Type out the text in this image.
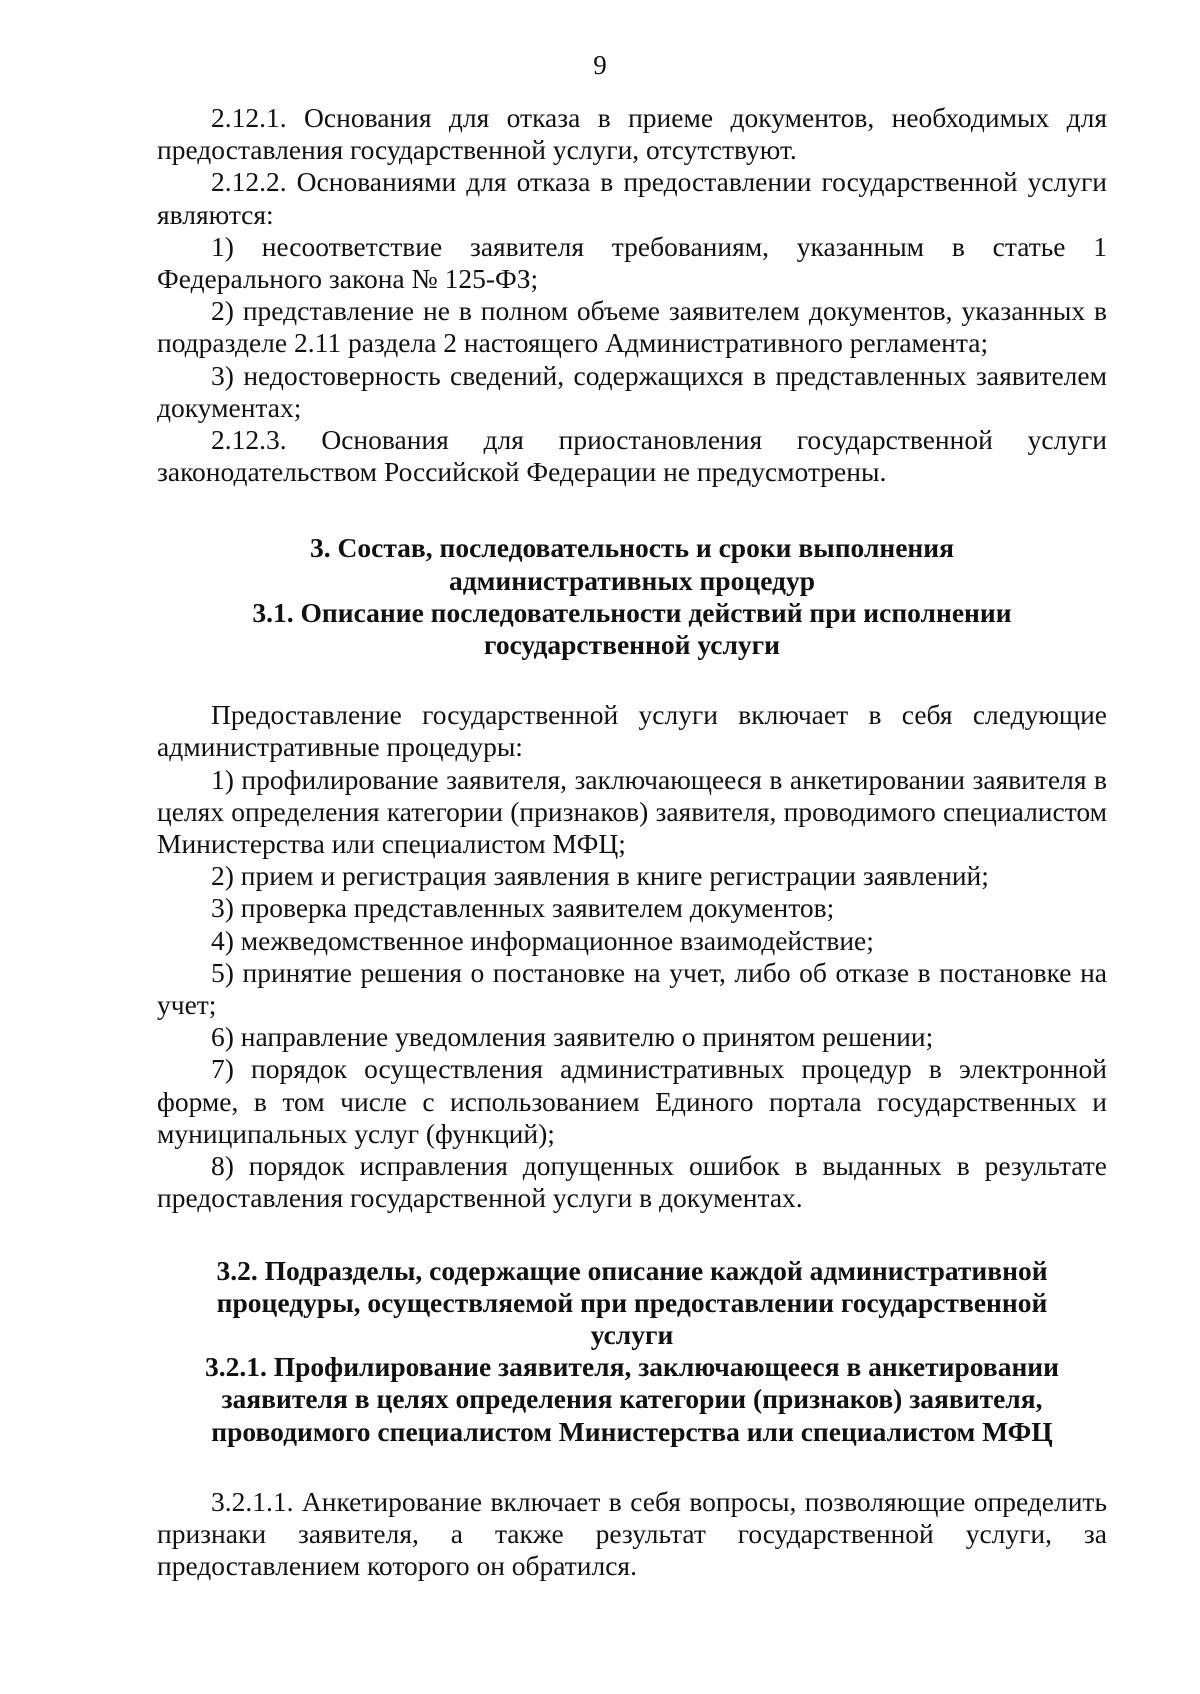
9

2.12.1. Основания для отказа в приеме документов, необходимых для предоставления государственной услуги, отсутствуют.

2.12.2. Основаниями для отказа в предоставлении государственной услуги являются:

1) несоответствие заявителя требованиям, указанным в статье 1 Федерального закона № 125-ФЗ;

2) представление не в полном объеме заявителем документов, указанных в подразделе 2.11 раздела 2 настоящего Административного регламента;

3) недостоверность сведений, содержащихся в представленных заявителем документах;

2.12.3. Основания для приостановления государственной услуги законодательством Российской Федерации не предусмотрены.

3. Состав, последовательность и сроки выполнения

административных процедур

3.1. Описание последовательности действий при исполнении

государственной услуги

Предоставление государственной услуги включает в себя следующие административные процедуры:

1) профилирование заявителя, заключающееся в анкетировании заявителя в целях определения категории (признаков) заявителя, проводимого специалистом Министерства или специалистом МФЦ;

2) прием и регистрация заявления в книге регистрации заявлений;

3) проверка представленных заявителем документов;

4) межведомственное информационное взаимодействие;

5) принятие решения о постановке на учет, либо об отказе в постановке на учет;

6) направление уведомления заявителю о принятом решении;

7) порядок осуществления административных процедур в электронной форме, в том числе с использованием Единого портала государственных и муниципальных услуг (функций);

8) порядок исправления допущенных ошибок в выданных в результате предоставления государственной услуги в документах.

3.2. Подразделы, содержащие описание каждой административной

процедуры, осуществляемой при предоставлении государственной

услуги

3.2.1. Профилирование заявителя, заключающееся в анкетировании

заявителя в целях определения категории (признаков) заявителя,

проводимого специалистом Министерства или специалистом МФЦ

3.2.1.1. Анкетирование включает в себя вопросы, позволяющие определить признаки заявителя, а также результат государственной услуги, за предоставлением которого он обратился.
